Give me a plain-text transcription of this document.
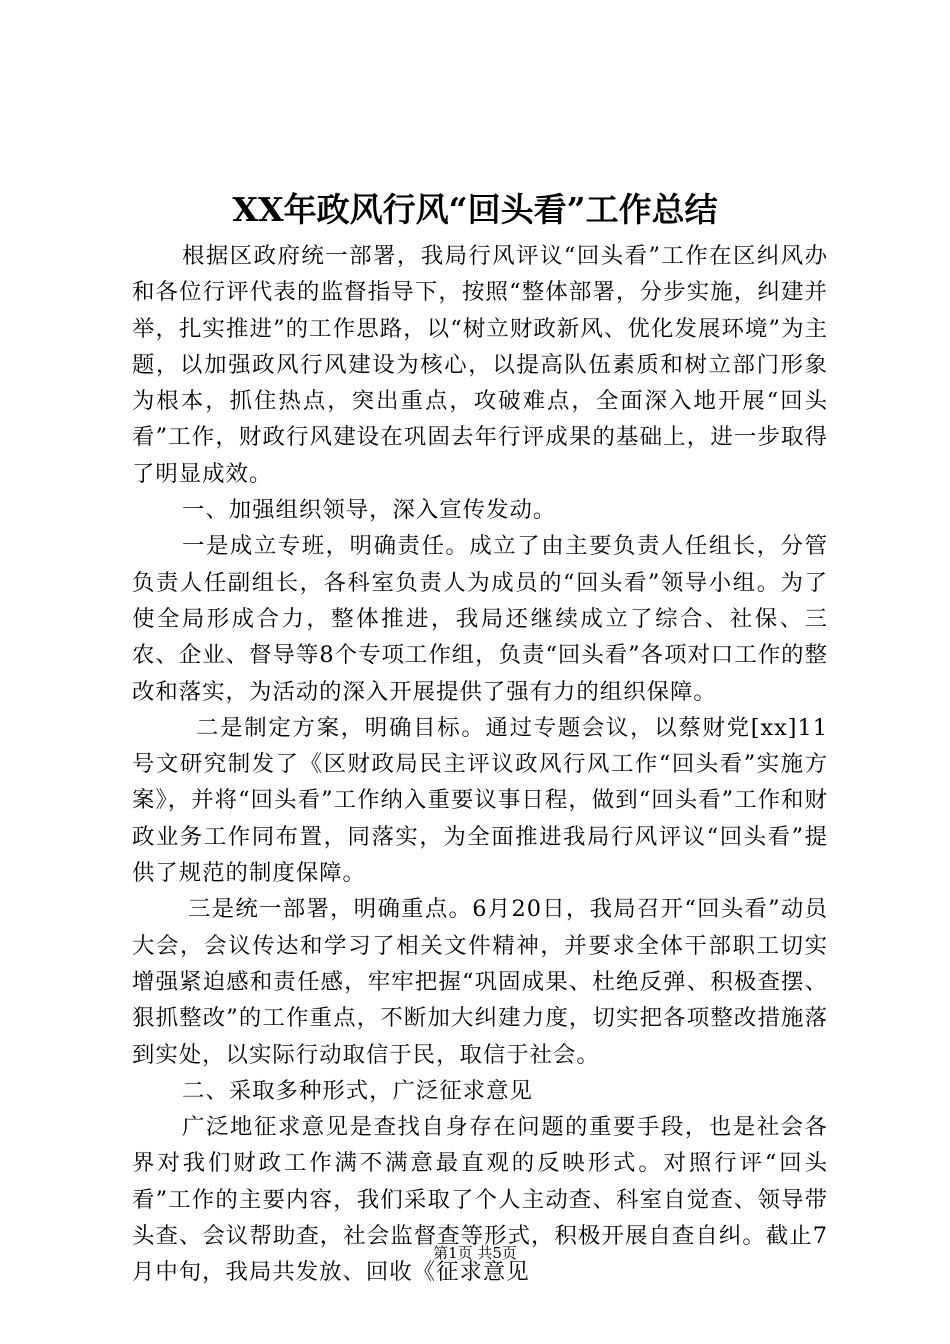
XX年政风行风“回头看”工作总结

根据区政府统一部署，我局行风评议“回头看”工作在区纠风办和各位行评代表的监督指导下，按照“整体部署，分步实施，纠建并举，扎实推进”的工作思路，以“树立财政新风、优化发展环境”为主题，以加强政风行风建设为核心，以提高队伍素质和树立部门形象为根本，抓住热点，突出重点，攻破难点，全面深入地开展“回头看”工作，财政行风建设在巩固去年行评成果的基础上，进一步取得了明显成效。

一、加强组织领导，深入宣传发动。

一是成立专班，明确责任。成立了由主要负责人任组长，分管负责人任副组长，各科室负责人为成员的“回头看”领导小组。为了使全局形成合力，整体推进，我局还继续成立了综合、社保、三农、企业、督导等8个专项工作组，负责“回头看”各项对口工作的整改和落实，为活动的深入开展提供了强有力的组织保障。

二是制定方案，明确目标。通过专题会议，以蔡财党[xx]11号文研究制发了《区财政局民主评议政风行风工作“回头看”实施方案》，并将“回头看”工作纳入重要议事日程，做到“回头看”工作和财政业务工作同布置，同落实，为全面推进我局行风评议“回头看”提供了规范的制度保障。

三是统一部署，明确重点。6月20日，我局召开“回头看”动员大会，会议传达和学习了相关文件精神，并要求全体干部职工切实增强紧迫感和责任感，牢牢把握“巩固成果、杜绝反弹、积极查摆、狠抓整改”的工作重点，不断加大纠建力度，切实把各项整改措施落到实处，以实际行动取信于民，取信于社会。

二、采取多种形式，广泛征求意见

广泛地征求意见是查找自身存在问题的重要手段，也是社会各界对我们财政工作满不满意最直观的反映形式。对照行评“回头看”工作的主要内容，我们采取了个人主动查、科室自觉查、领导带头查、会议帮助查，社会监督查等形式，积极开展自查自纠。截止7月中旬，我局共发放、回收《征求意见

第1页 共5页
